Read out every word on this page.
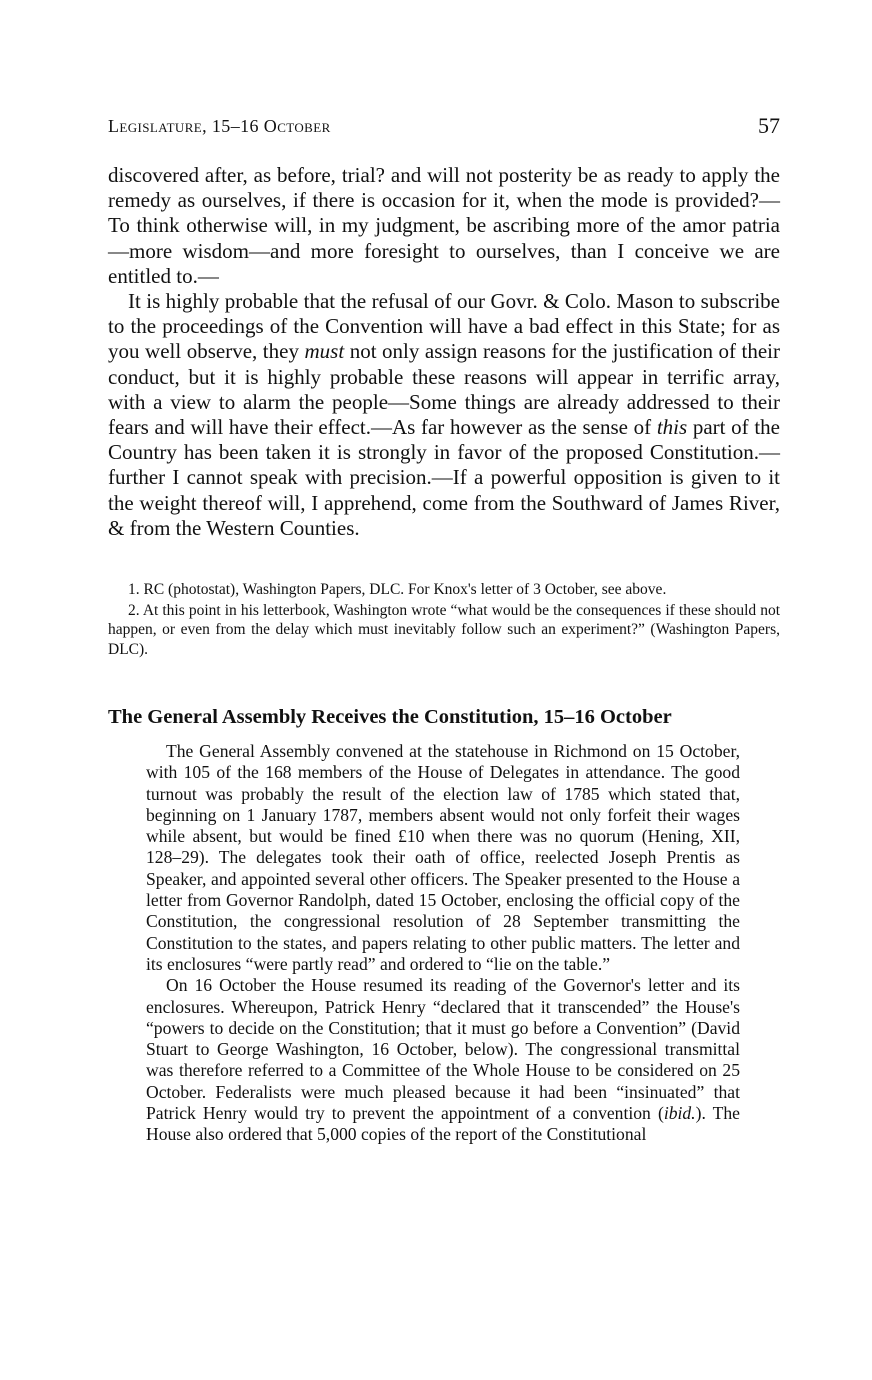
Legislature, 15–16 October	57

discovered after, as before, trial? and will not posterity be as ready to apply the remedy as ourselves, if there is occasion for it, when the mode is provided?—To think otherwise will, in my judgment, be ascribing more of the amor patria—more wisdom—and more foresight to ourselves, than I conceive we are entitled to.—

It is highly probable that the refusal of our Govr. & Colo. Mason to subscribe to the proceedings of the Convention will have a bad effect in this State; for as you well observe, they must not only assign reasons for the justification of their conduct, but it is highly probable these reasons will appear in terrific array, with a view to alarm the people—Some things are already addressed to their fears and will have their effect.—As far however as the sense of this part of the Country has been taken it is strongly in favor of the proposed Constitution.—further I cannot speak with precision.—If a powerful opposition is given to it the weight thereof will, I apprehend, come from the Southward of James River, & from the Western Counties.

1. RC (photostat), Washington Papers, DLC. For Knox's letter of 3 October, see above.

2. At this point in his letterbook, Washington wrote “what would be the consequences if these should not happen, or even from the delay which must inevitably follow such an experiment?” (Washington Papers, DLC).

The General Assembly Receives the Constitution, 15–16 October

The General Assembly convened at the statehouse in Richmond on 15 October, with 105 of the 168 members of the House of Delegates in attendance. The good turnout was probably the result of the election law of 1785 which stated that, beginning on 1 January 1787, members absent would not only forfeit their wages while absent, but would be fined £10 when there was no quorum (Hening, XII, 128–29). The delegates took their oath of office, reelected Joseph Prentis as Speaker, and appointed several other officers. The Speaker presented to the House a letter from Governor Randolph, dated 15 October, enclosing the official copy of the Constitution, the congressional resolution of 28 September transmitting the Constitution to the states, and papers relating to other public matters. The letter and its enclosures “were partly read” and ordered to “lie on the table.”

On 16 October the House resumed its reading of the Governor's letter and its enclosures. Whereupon, Patrick Henry “declared that it transcended” the House's “powers to decide on the Constitution; that it must go before a Convention” (David Stuart to George Washington, 16 October, below). The congressional transmittal was therefore referred to a Committee of the Whole House to be considered on 25 October. Federalists were much pleased because it had been “insinuated” that Patrick Henry would try to prevent the appointment of a convention (ibid.). The House also ordered that 5,000 copies of the report of the Constitutional
